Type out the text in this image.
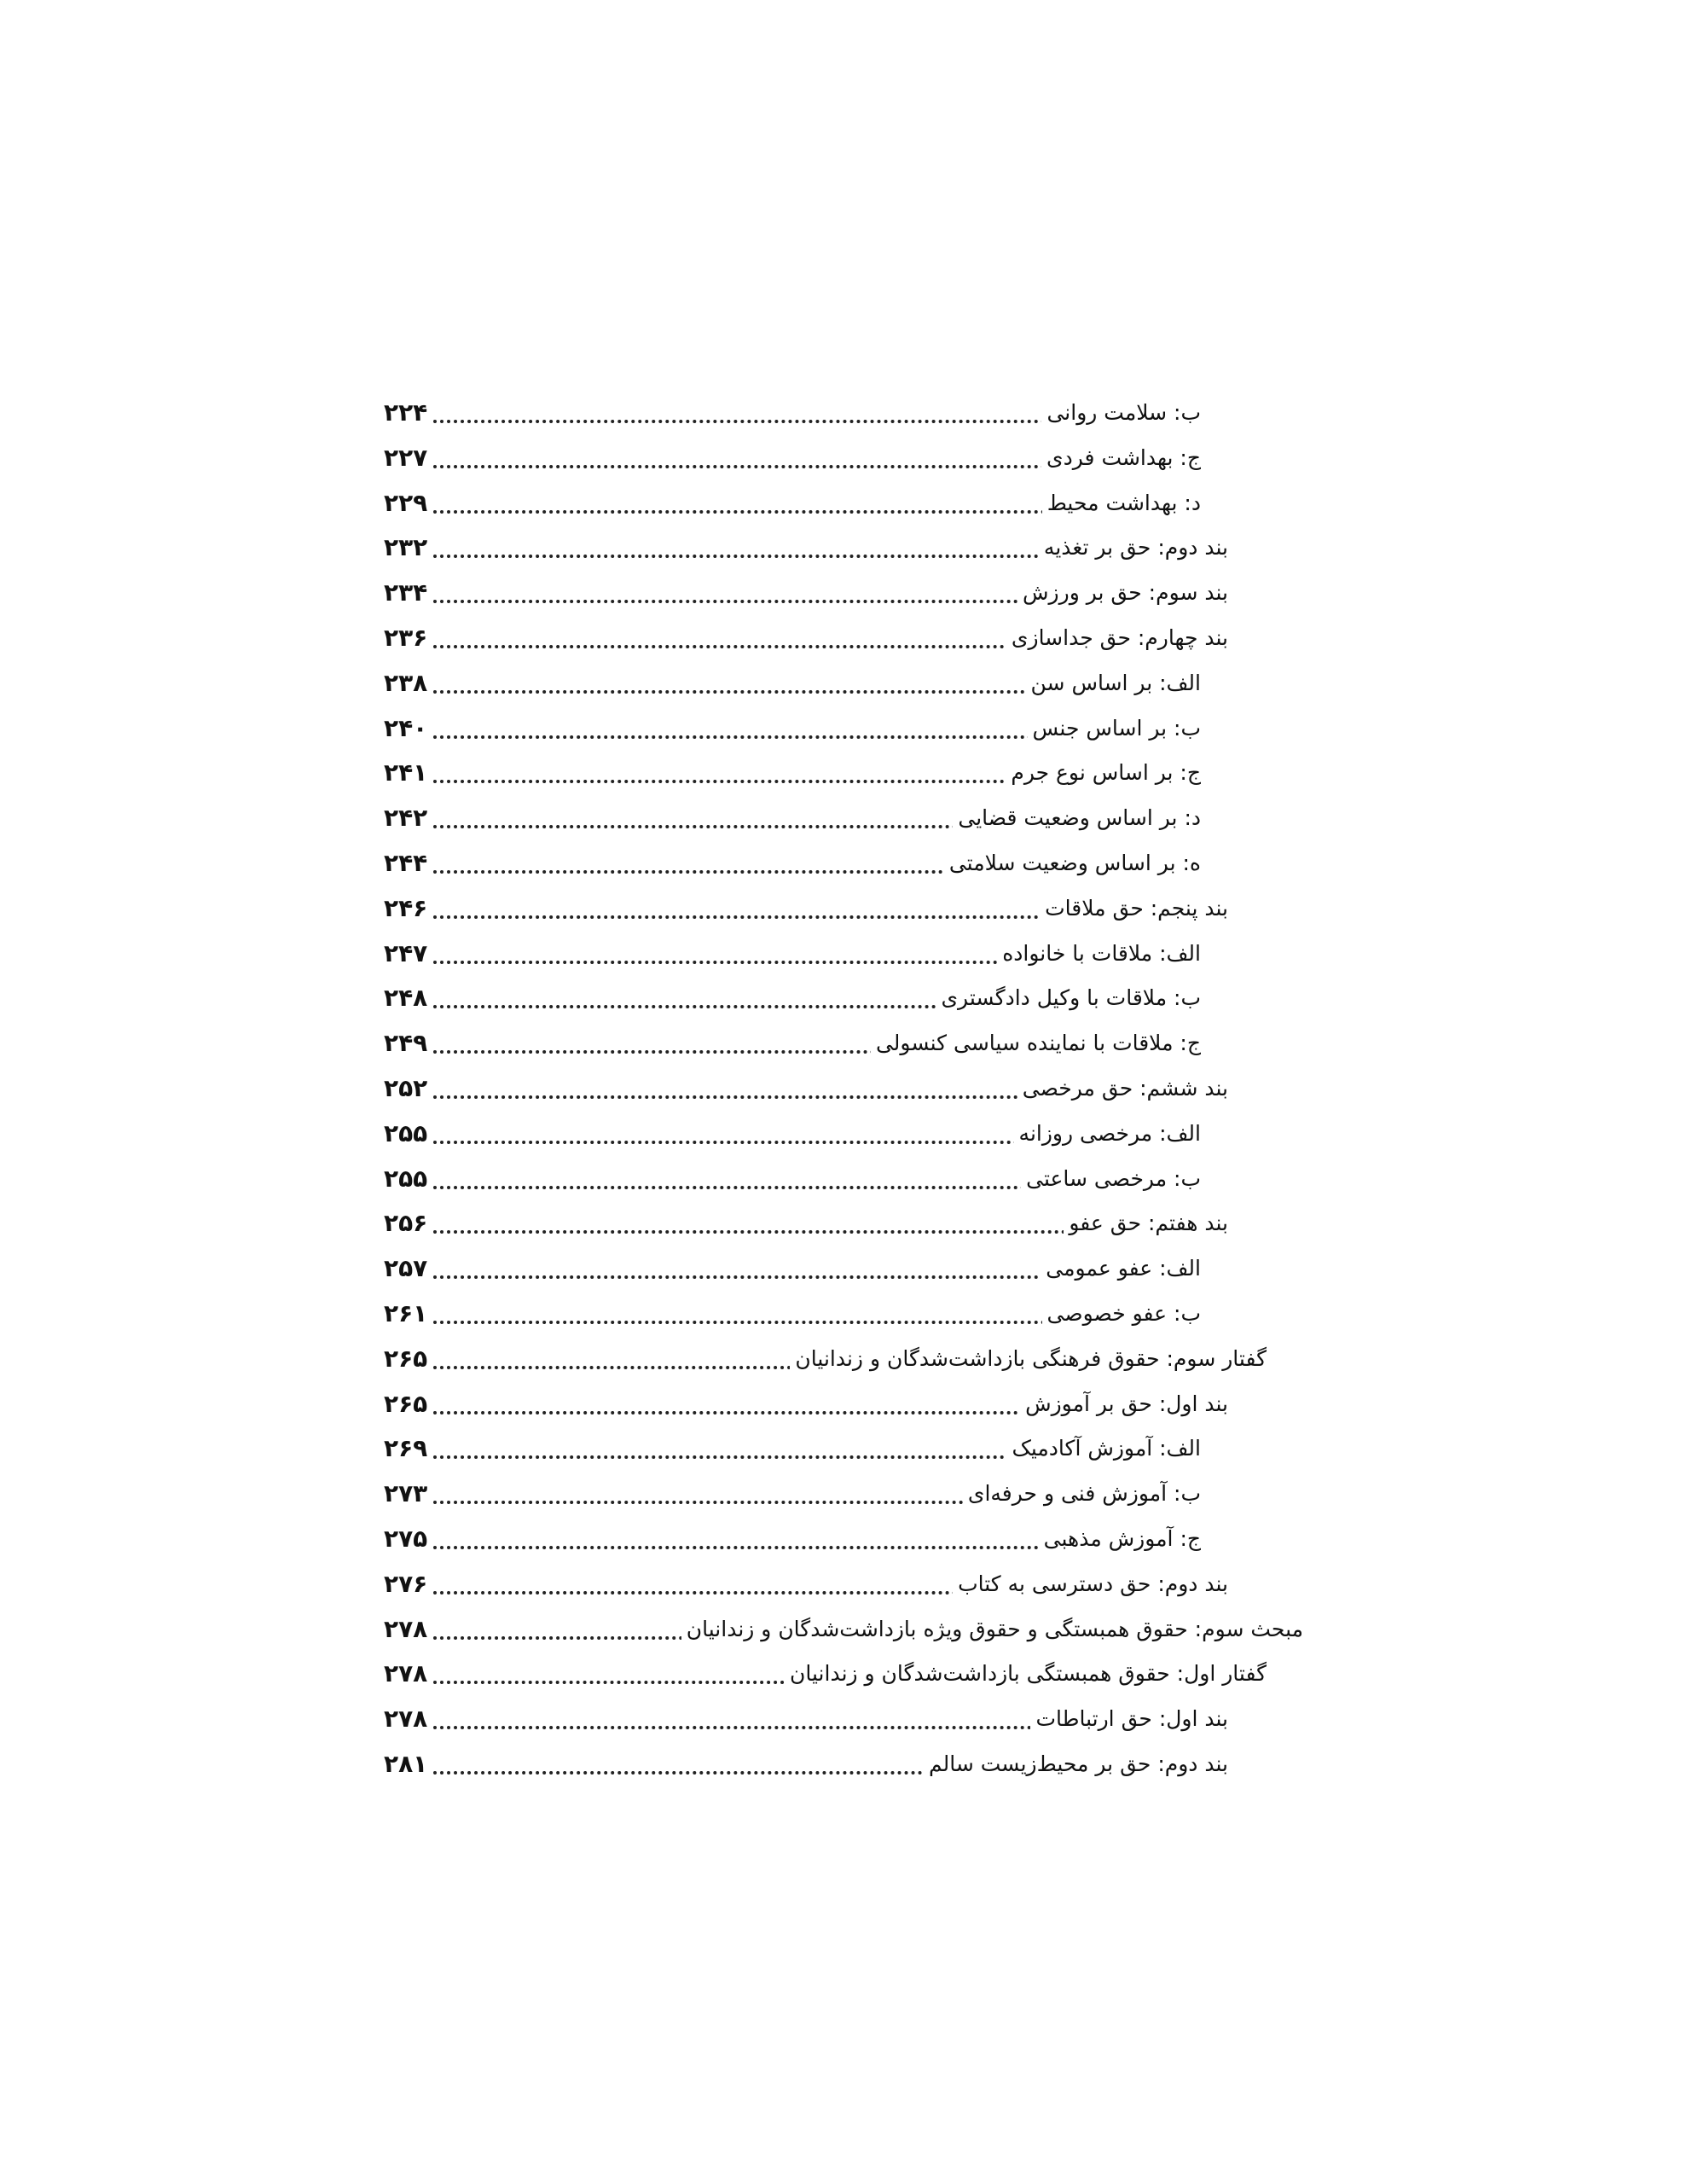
۲۲۴	ب: سلامت روانی
۲۲۷	ج: بهداشت فردی
۲۲۹	د: بهداشت محیط
۲۳۲	بند دوم: حق بر تغذیه
۲۳۴	بند سوم: حق بر ورزش
۲۳۶	بند چهارم: حق جداسازی
۲۳۸	الف: بر اساس سن
۲۴۰	ب: بر اساس جنس
۲۴۱	ج: بر اساس نوع جرم
۲۴۲	د: بر اساس وضعیت قضایی
۲۴۴	ه: بر اساس وضعیت سلامتی
۲۴۶	بند پنجم: حق ملاقات
۲۴۷	الف: ملاقات با خانواده
۲۴۸	ب: ملاقات با وکیل دادگستری
۲۴۹	ج: ملاقات با نماینده سیاسی کنسولی
۲۵۲	بند ششم: حق مرخصی
۲۵۵	الف: مرخصی روزانه
۲۵۵	ب: مرخصی ساعتی
۲۵۶	بند هفتم: حق عفو
۲۵۷	الف: عفو عمومی
۲۶۱	ب: عفو خصوصی
۲۶۵	گفتار سوم: حقوق فرهنگی بازداشت‌شدگان و زندانیان
۲۶۵	بند اول: حق بر آموزش
۲۶۹	الف: آموزش آکادمیک
۲۷۳	ب: آموزش فنی و حرفه‌ای
۲۷۵	ج: آموزش مذهبی
۲۷۶	بند دوم: حق دسترسی به کتاب
۲۷۸	مبحث سوم: حقوق همبستگی و حقوق ویژه بازداشت‌شدگان و زندانیان
۲۷۸	گفتار اول: حقوق همبستگی بازداشت‌شدگان و زندانیان
۲۷۸	بند اول: حق ارتباطات
۲۸۱	بند دوم: حق بر محیط‌زیست سالم
